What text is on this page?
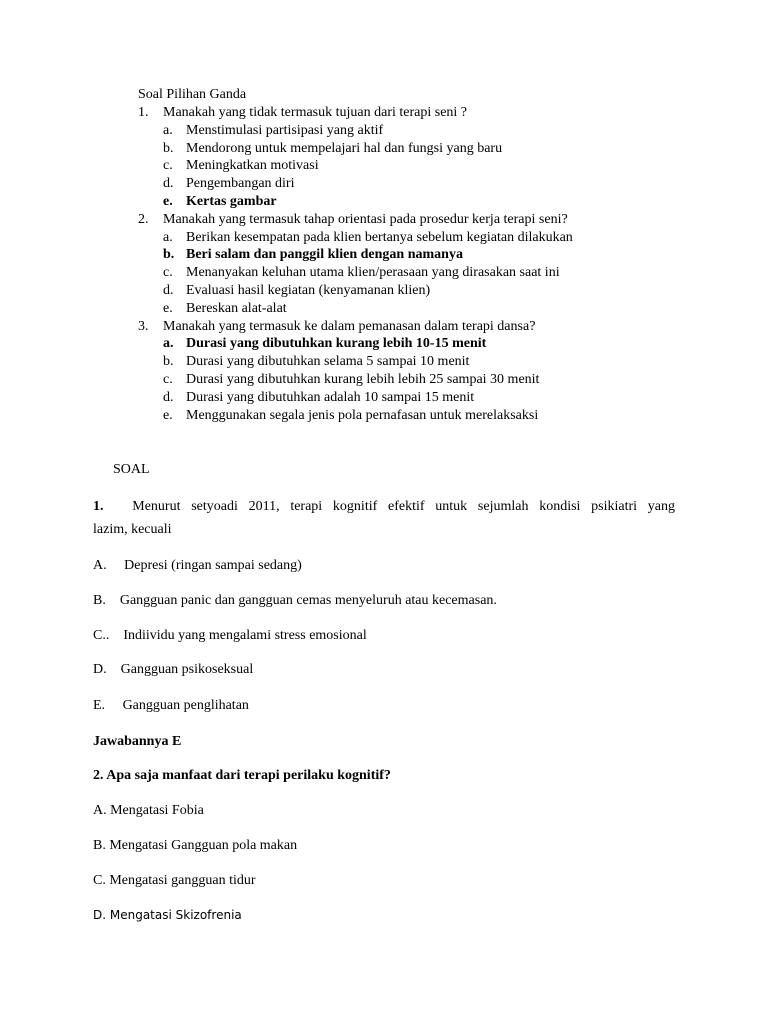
Soal Pilihan Ganda
1.	Manakah yang tidak termasuk tujuan dari terapi seni ?
a. Menstimulasi partisipasi yang aktif
b. Mendorong untuk mempelajari hal dan fungsi yang baru
c. Meningkatkan motivasi
d. Pengembangan diri
e. Kertas gambar
2.	Manakah yang termasuk tahap orientasi pada prosedur kerja terapi seni?
a. Berikan kesempatan pada klien bertanya sebelum kegiatan dilakukan
b. Beri salam dan panggil klien dengan namanya
c. Menanyakan keluhan utama klien/perasaan yang dirasakan saat ini
d. Evaluasi hasil kegiatan (kenyamanan klien)
e. Bereskan alat-alat
3.	Manakah yang termasuk ke dalam pemanasan dalam terapi dansa?
a. Durasi yang dibutuhkan kurang lebih 10-15 menit
b. Durasi yang dibutuhkan selama 5 sampai 10 menit
c. Durasi yang dibutuhkan kurang lebih lebih 25 sampai 30 menit
d. Durasi yang dibutuhkan adalah 10 sampai 15 menit
e. Menggunakan segala jenis pola pernafasan untuk merelaksaksi
SOAL
1. Menurut setyoadi 2011, terapi kognitif efektif untuk sejumlah kondisi psikiatri yang
lazim, kecuali
A. Depresi (ringan sampai sedang)
B. Gangguan panic dan gangguan cemas menyeluruh atau kecemasan.
C.. Indiividu yang mengalami stress emosional
D. Gangguan psikoseksual
E. Gangguan penglihatan
Jawabannya E
2. Apa saja manfaat dari terapi perilaku kognitif?
A. Mengatasi Fobia
B. Mengatasi Gangguan pola makan
C. Mengatasi gangguan tidur
D. Mengatasi Skizofrenia
